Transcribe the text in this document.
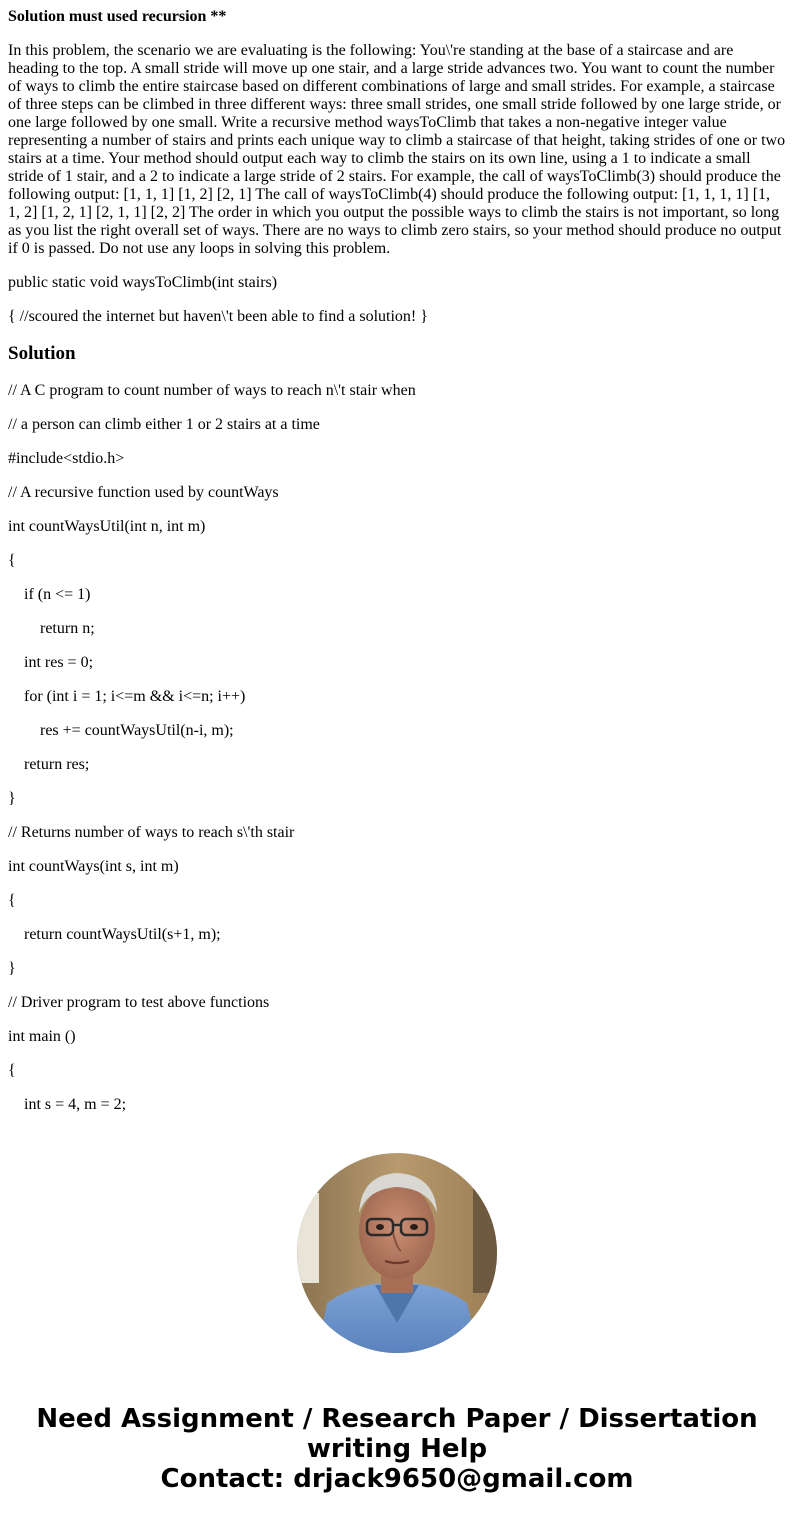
Solution must used recursion **

In this problem, the scenario we are evaluating is the following: You\'re standing at the base of a staircase and are heading to the top. A small stride will move up one stair, and a large stride advances two. You want to count the number of ways to climb the entire staircase based on different combinations of large and small strides. For example, a staircase of three steps can be climbed in three different ways: three small strides, one small stride followed by one large stride, or one large followed by one small. Write a recursive method waysToClimb that takes a non-negative integer value representing a number of stairs and prints each unique way to climb a staircase of that height, taking strides of one or two stairs at a time. Your method should output each way to climb the stairs on its own line, using a 1 to indicate a small stride of 1 stair, and a 2 to indicate a large stride of 2 stairs. For example, the call of waysToClimb(3) should produce the following output: [1, 1, 1] [1, 2] [2, 1] The call of waysToClimb(4) should produce the following output: [1, 1, 1, 1] [1, 1, 2] [1, 2, 1] [2, 1, 1] [2, 2] The order in which you output the possible ways to climb the stairs is not important, so long as you list the right overall set of ways. There are no ways to climb zero stairs, so your method should produce no output if 0 is passed. Do not use any loops in solving this problem.

public static void waysToClimb(int stairs)

{ //scoured the internet but haven\'t been able to find a solution! }

Solution
// A C program to count number of ways to reach n\'t stair when
// a person can climb either 1 or 2 stairs at a time
#include<stdio.h>
// A recursive function used by countWays
int countWaysUtil(int n, int m)
{
if (n <= 1)
return n;
int res = 0;
for (int i = 1; i<=m && i<=n; i++)
res += countWaysUtil(n-i, m);
return res;
}
// Returns number of ways to reach s\'th stair
int countWays(int s, int m)
{
return countWaysUtil(s+1, m);
}
// Driver program to test above functions
int main ()
{
int s = 4, m = 2;
Need Assignment / Research Paper / Dissertation
writing Help
Contact: drjack9650@gmail.com
